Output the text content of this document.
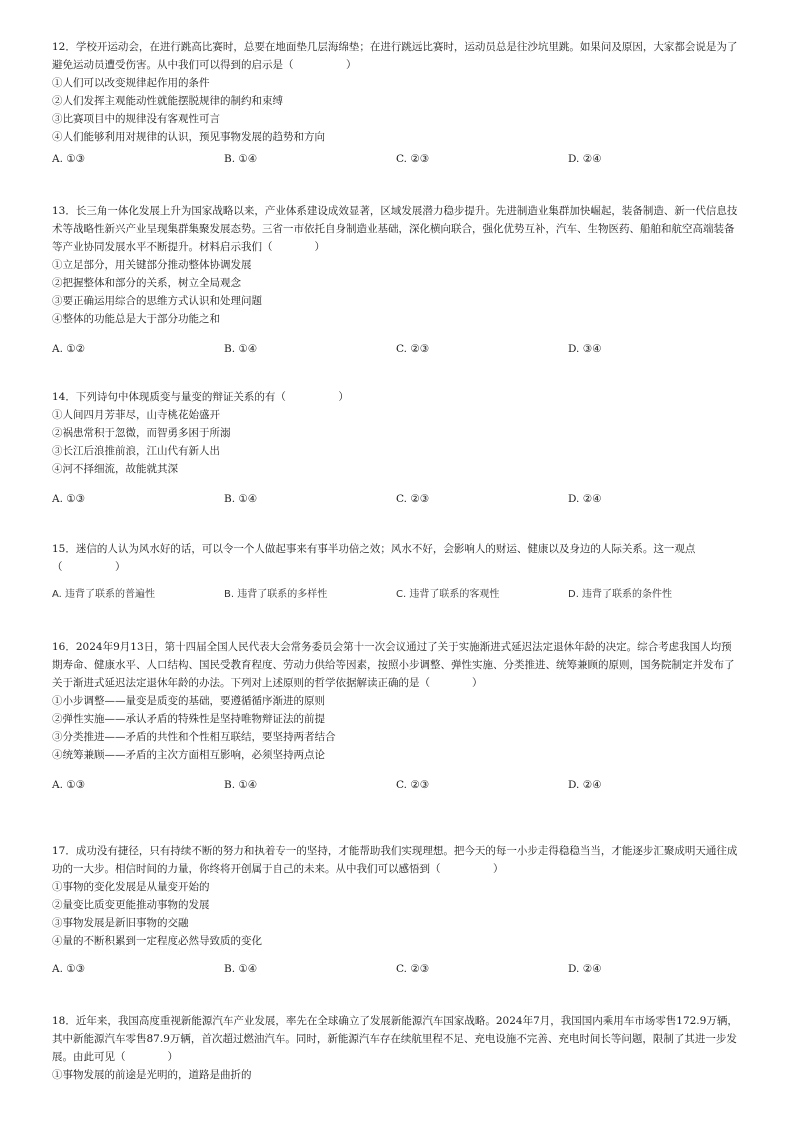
12．学校开运动会，在进行跳高比赛时，总要在地面垫几层海绵垫；在进行跳远比赛时，运动员总是往沙坑里跳。如果问及原因，大家都会说是为了避免运动员遭受伤害。从中我们可以得到的启示是（　　　　　）

①人们可以改变规律起作用的条件

②人们发挥主观能动性就能摆脱规律的制约和束缚

③比赛项目中的规律没有客观性可言

④人们能够利用对规律的认识，预见事物发展的趋势和方向

A. ①③	B. ①④	C. ②③	D. ②④

13．长三角一体化发展上升为国家战略以来，产业体系建设成效显著，区域发展潜力稳步提升。先进制造业集群加快崛起，装备制造、新一代信息技术等战略性新兴产业呈现集群集聚发展态势。三省一市依托自身制造业基础，深化横向联合，强化优势互补，汽车、生物医药、船舶和航空高端装备等产业协同发展水平不断提升。材料启示我们（　　　　）

①立足部分，用关键部分推动整体协调发展

②把握整体和部分的关系，树立全局观念

③要正确运用综合的思维方式认识和处理问题

④整体的功能总是大于部分功能之和

A. ①②	B. ①④	C. ②③	D. ③④

14．下列诗句中体现质变与量变的辩证关系的有（　　　　　）

①人间四月芳菲尽，山寺桃花始盛开

②祸患常积于忽微，而智勇多困于所溺

③长江后浪推前浪，江山代有新人出

④河不择细流，故能就其深

A. ①③	B. ①④	C. ②③	D. ②④

15．迷信的人认为风水好的话，可以令一个人做起事来有事半功倍之效；风水不好，会影响人的财运、健康以及身边的人际关系。这一观点（　　　　　）

A. 违背了联系的普遍性	B. 违背了联系的多样性	C. 违背了联系的客观性	D. 违背了联系的条件性

16．2024年9月13日，第十四届全国人民代表大会常务委员会第十一次会议通过了关于实施渐进式延迟法定退休年龄的决定。综合考虑我国人均预期寿命、健康水平、人口结构、国民受教育程度、劳动力供给等因素，按照小步调整、弹性实施、分类推进、统筹兼顾的原则，国务院制定并发布了关于渐进式延迟法定退休年龄的办法。下列对上述原则的哲学依据解读正确的是（　　　　）

①小步调整——量变是质变的基础，要遵循循序渐进的原则

②弹性实施——承认矛盾的特殊性是坚持唯物辩证法的前提

③分类推进——矛盾的共性和个性相互联结，要坚持两者结合

④统筹兼顾——矛盾的主次方面相互影响，必须坚持两点论

A. ①③	B. ①④	C. ②③	D. ②④

17．成功没有捷径，只有持续不断的努力和执着专一的坚持，才能帮助我们实现理想。把今天的每一小步走得稳稳当当，才能逐步汇聚成明天通往成功的一大步。相信时间的力量，你终将开创属于自己的未来。从中我们可以感悟到（　　　　　）

①事物的变化发展是从量变开始的

②量变比质变更能推动事物的发展

③事物发展是新旧事物的交融

④量的不断积累到一定程度必然导致质的变化

A. ①③	B. ①④	C. ②③	D. ②④

18．近年来，我国高度重视新能源汽车产业发展，率先在全球确立了发展新能源汽车国家战略。2024年7月，我国国内乘用车市场零售172.9万辆，其中新能源汽车零售87.9万辆，首次超过燃油汽车。同时，新能源汽车存在续航里程不足、充电设施不完善、充电时间长等问题，限制了其进一步发展。由此可见（　　　　）

①事物发展的前途是光明的，道路是曲折的
